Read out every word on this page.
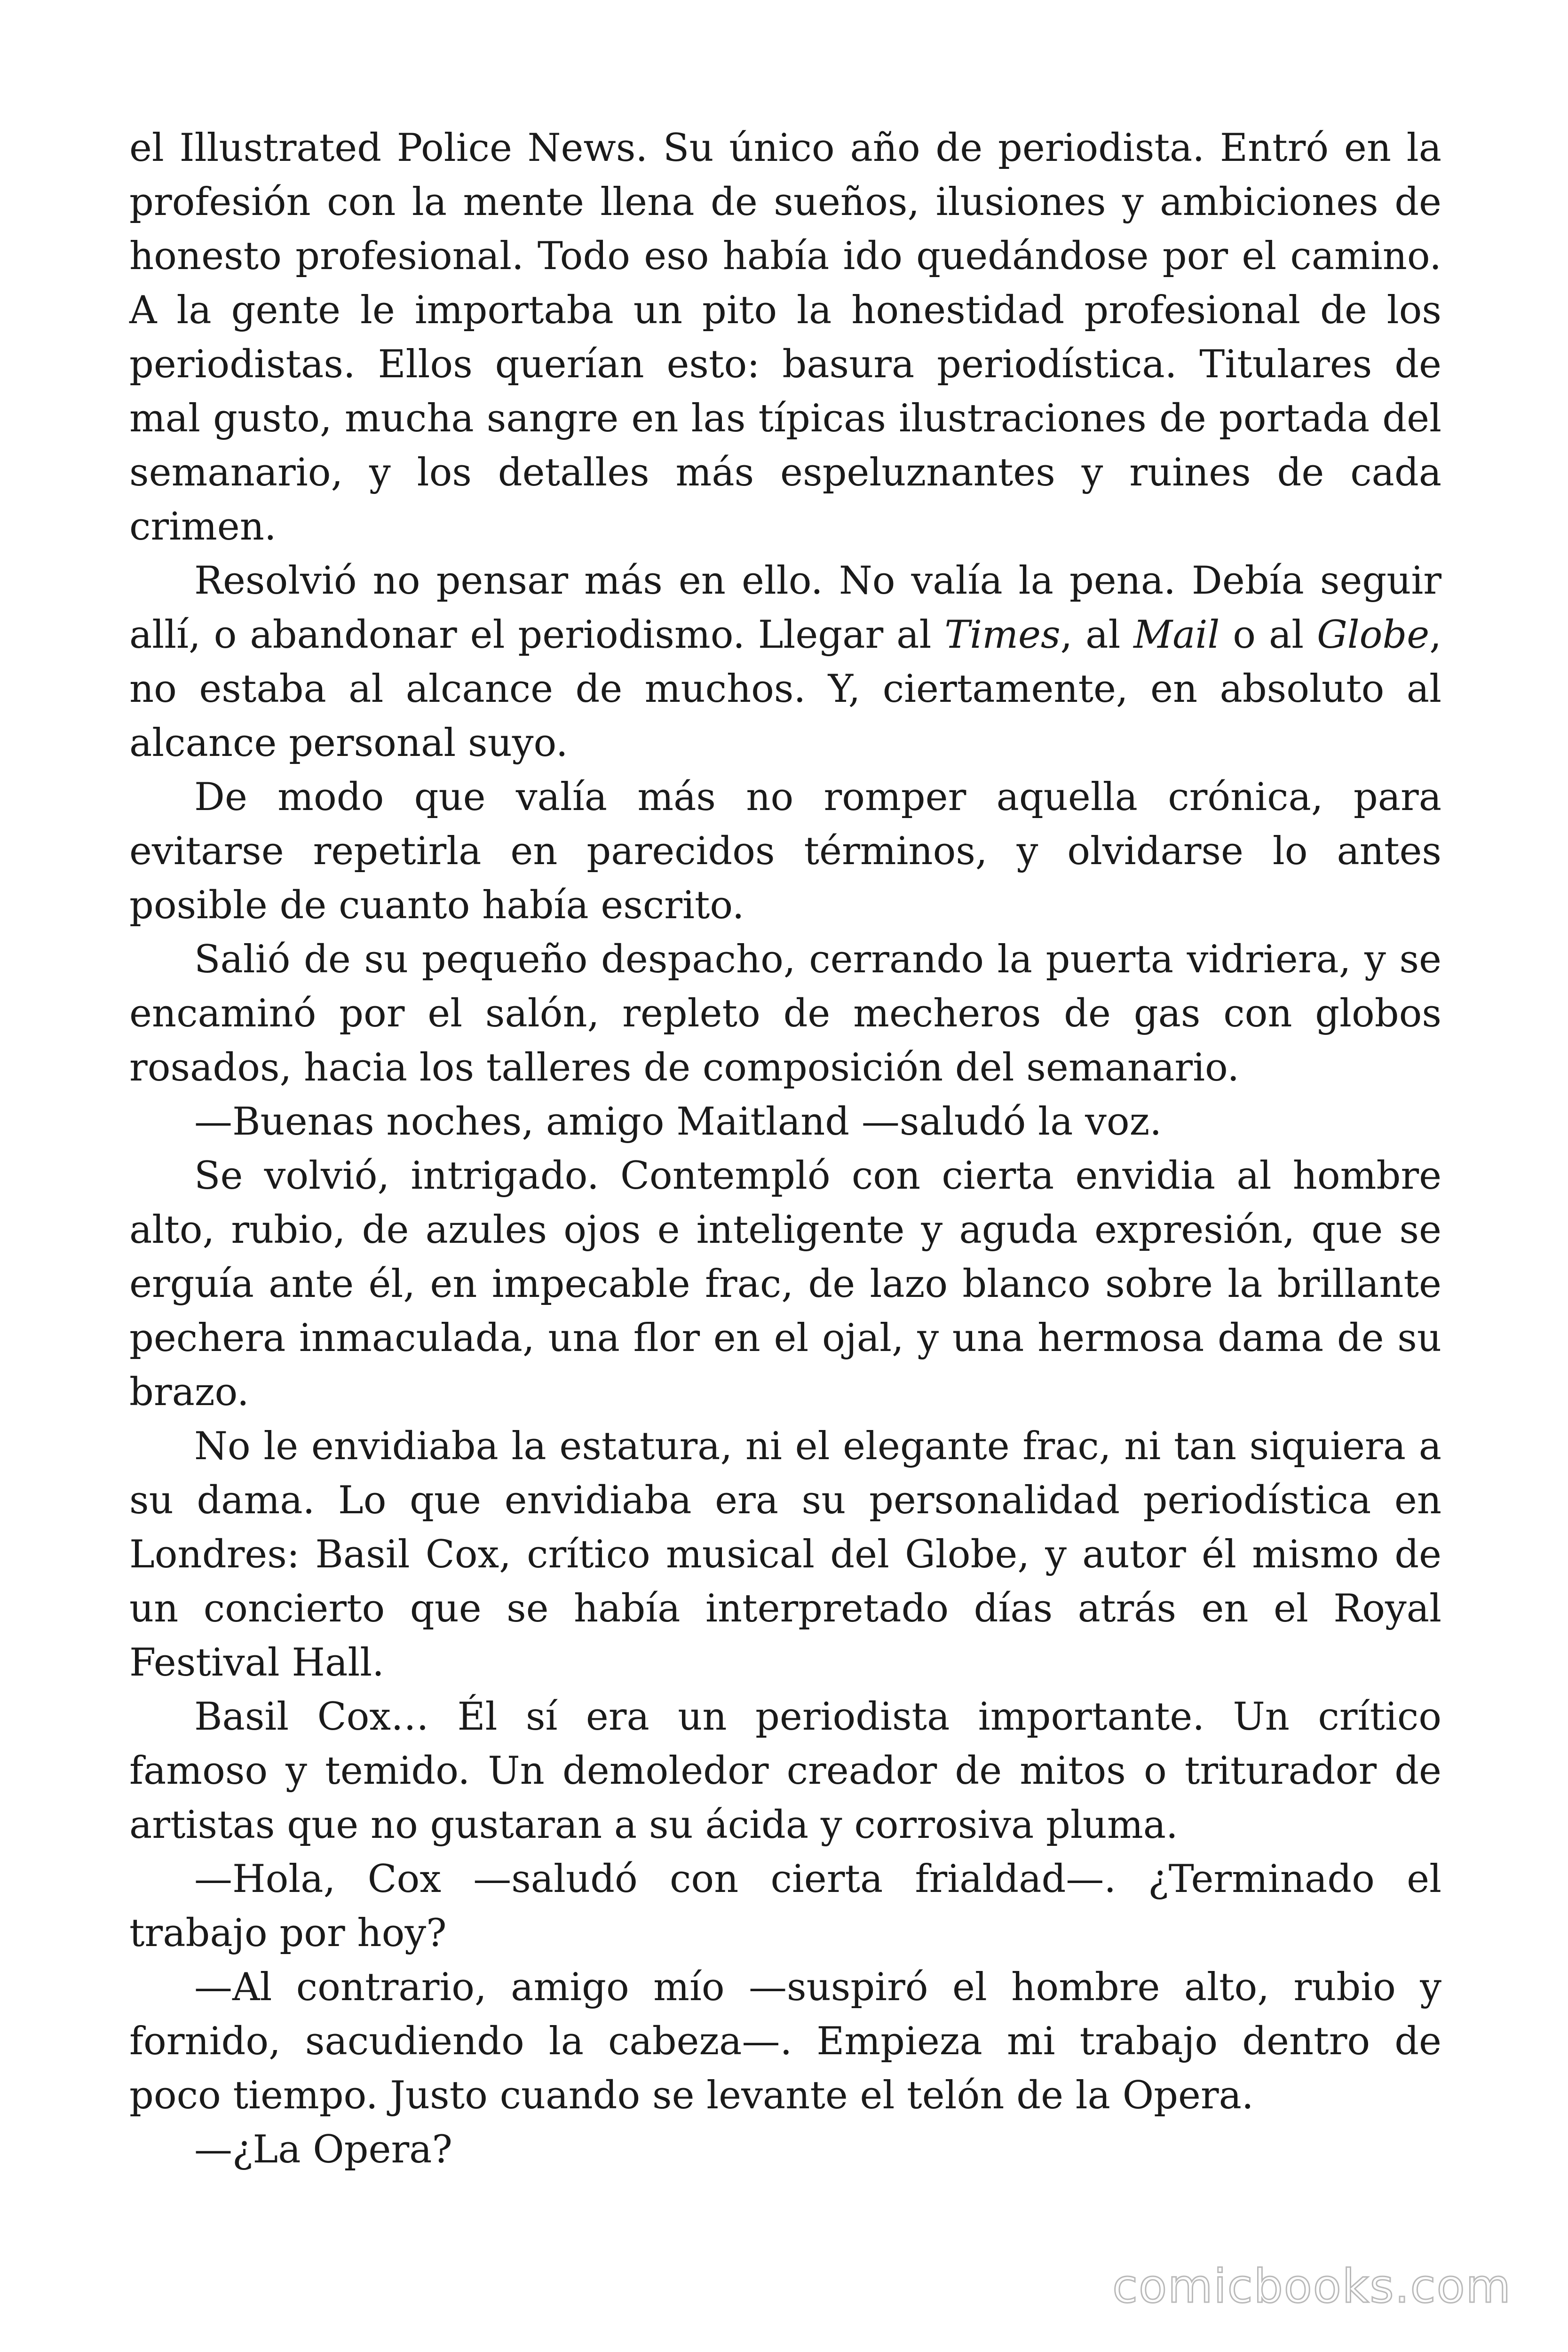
el Illustrated Police News. Su único año de periodista. Entró en la profesión con la mente llena de sueños, ilusiones y ambiciones de honesto profesional. Todo eso había ido quedándose por el camino. A la gente le importaba un pito la honestidad profesional de los periodistas. Ellos querían esto: basura periodística. Titulares de mal gusto, mucha sangre en las típicas ilustraciones de portada del semanario, y los detalles más espeluznantes y ruines de cada crimen.

Resolvió no pensar más en ello. No valía la pena. Debía seguir allí, o abandonar el periodismo. Llegar al Times, al Mail o al Globe, no estaba al alcance de muchos. Y, ciertamente, en absoluto al alcance personal suyo.

De modo que valía más no romper aquella crónica, para evitarse repetirla en parecidos términos, y olvidarse lo antes posible de cuanto había escrito.

Salió de su pequeño despacho, cerrando la puerta vidriera, y se encaminó por el salón, repleto de mecheros de gas con globos rosados, hacia los talleres de composición del semanario.

—Buenas noches, amigo Maitland —saludó la voz.

Se volvió, intrigado. Contempló con cierta envidia al hombre alto, rubio, de azules ojos e inteligente y aguda expresión, que se erguía ante él, en impecable frac, de lazo blanco sobre la brillante pechera inmaculada, una flor en el ojal, y una hermosa dama de su brazo.

No le envidiaba la estatura, ni el elegante frac, ni tan siquiera a su dama. Lo que envidiaba era su personalidad periodística en Londres: Basil Cox, crítico musical del Globe, y autor él mismo de un concierto que se había interpretado días atrás en el Royal Festival Hall.

Basil Cox… Él sí era un periodista importante. Un crítico famoso y temido. Un demoledor creador de mitos o triturador de artistas que no gustaran a su ácida y corrosiva pluma.

—Hola, Cox —saludó con cierta frialdad—. ¿Terminado el trabajo por hoy?

—Al contrario, amigo mío —suspiró el hombre alto, rubio y fornido, sacudiendo la cabeza—. Empieza mi trabajo dentro de poco tiempo. Justo cuando se levante el telón de la Opera.

—¿La Opera?

comicbooks.com
